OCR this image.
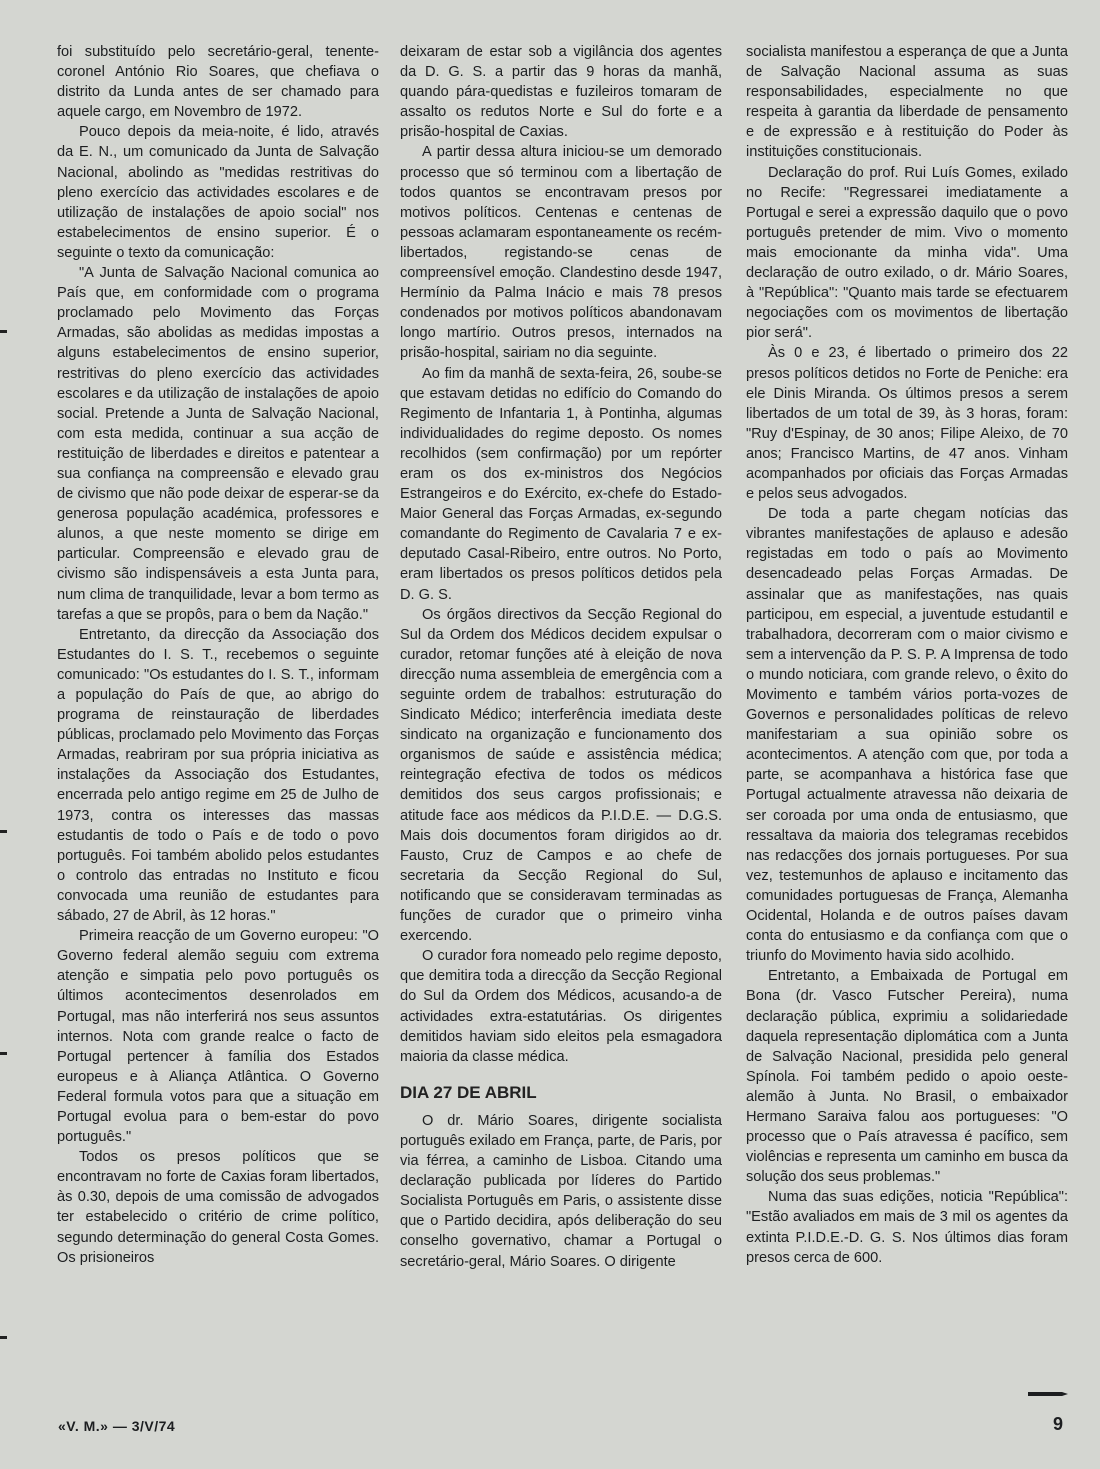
foi substituído pelo secretário-geral, tenente-coronel António Rio Soares, que chefiava o distrito da Lunda antes de ser chamado para aquele cargo, em Novembro de 1972.

Pouco depois da meia-noite, é lido, através da E. N., um comunicado da Junta de Salvação Nacional, abolindo as "medidas restritivas do pleno exercício das actividades escolares e de utilização de instalações de apoio social" nos estabelecimentos de ensino superior. É o seguinte o texto da comunicação:

"A Junta de Salvação Nacional comunica ao País que, em conformidade com o programa proclamado pelo Movimento das Forças Armadas, são abolidas as medidas impostas a alguns estabelecimentos de ensino superior, restritivas do pleno exercício das actividades escolares e da utilização de instalações de apoio social. Pretende a Junta de Salvação Nacional, com esta medida, continuar a sua acção de restituição de liberdades e direitos e patentear a sua confiança na compreensão e elevado grau de civismo que não pode deixar de esperar-se da generosa população académica, professores e alunos, a que neste momento se dirige em particular. Compreensão e elevado grau de civismo são indispensáveis a esta Junta para, num clima de tranquilidade, levar a bom termo as tarefas a que se propôs, para o bem da Nação."

Entretanto, da direcção da Associação dos Estudantes do I. S. T., recebemos o seguinte comunicado: "Os estudantes do I. S. T., informam a população do País de que, ao abrigo do programa de reinstauração de liberdades públicas, proclamado pelo Movimento das Forças Armadas, reabriram por sua própria iniciativa as instalações da Associação dos Estudantes, encerrada pelo antigo regime em 25 de Julho de 1973, contra os interesses das massas estudantis de todo o País e de todo o povo português. Foi também abolido pelos estudantes o controlo das entradas no Instituto e ficou convocada uma reunião de estudantes para sábado, 27 de Abril, às 12 horas."

Primeira reacção de um Governo europeu: "O Governo federal alemão seguiu com extrema atenção e simpatia pelo povo português os últimos acontecimentos desenrolados em Portugal, mas não interferirá nos seus assuntos internos. Nota com grande realce o facto de Portugal pertencer à família dos Estados europeus e à Aliança Atlântica. O Governo Federal formula votos para que a situação em Portugal evolua para o bem-estar do povo português."

Todos os presos políticos que se encontravam no forte de Caxias foram libertados, às 0.30, depois de uma comissão de advogados ter estabelecido o critério de crime político, segundo determinação do general Costa Gomes. Os prisioneiros

deixaram de estar sob a vigilância dos agentes da D. G. S. a partir das 9 horas da manhã, quando pára-quedistas e fuzileiros tomaram de assalto os redutos Norte e Sul do forte e a prisão-hospital de Caxias.

A partir dessa altura iniciou-se um demorado processo que só terminou com a libertação de todos quantos se encontravam presos por motivos políticos. Centenas e centenas de pessoas aclamaram espontaneamente os recém-libertados, registando-se cenas de compreensível emoção. Clandestino desde 1947, Hermínio da Palma Inácio e mais 78 presos condenados por motivos políticos abandonavam longo martírio. Outros presos, internados na prisão-hospital, sairiam no dia seguinte.

Ao fim da manhã de sexta-feira, 26, soube-se que estavam detidas no edifício do Comando do Regimento de Infantaria 1, à Pontinha, algumas individualidades do regime deposto. Os nomes recolhidos (sem confirmação) por um repórter eram os dos ex-ministros dos Negócios Estrangeiros e do Exército, ex-chefe do Estado-Maior General das Forças Armadas, ex-segundo comandante do Regimento de Cavalaria 7 e ex-deputado Casal-Ribeiro, entre outros. No Porto, eram libertados os presos políticos detidos pela D. G. S.

Os órgãos directivos da Secção Regional do Sul da Ordem dos Médicos decidem expulsar o curador, retomar funções até à eleição de nova direcção numa assembleia de emergência com a seguinte ordem de trabalhos: estruturação do Sindicato Médico; interferência imediata deste sindicato na organização e funcionamento dos organismos de saúde e assistência médica; reintegração efectiva de todos os médicos demitidos dos seus cargos profissionais; e atitude face aos médicos da P.I.D.E. — D.G.S. Mais dois documentos foram dirigidos ao dr. Fausto, Cruz de Campos e ao chefe de secretaria da Secção Regional do Sul, notificando que se consideravam terminadas as funções de curador que o primeiro vinha exercendo.

O curador fora nomeado pelo regime deposto, que demitira toda a direcção da Secção Regional do Sul da Ordem dos Médicos, acusando-a de actividades extra-estatutárias. Os dirigentes demitidos haviam sido eleitos pela esmagadora maioria da classe médica.

DIA 27 DE ABRIL

O dr. Mário Soares, dirigente socialista português exilado em França, parte, de Paris, por via férrea, a caminho de Lisboa. Citando uma declaração publicada por líderes do Partido Socialista Português em Paris, o assistente disse que o Partido decidira, após deliberação do seu conselho governativo, chamar a Portugal o secretário-geral, Mário Soares. O dirigente

socialista manifestou a esperança de que a Junta de Salvação Nacional assuma as suas responsabilidades, especialmente no que respeita à garantia da liberdade de pensamento e de expressão e à restituição do Poder às instituições constitucionais.

Declaração do prof. Rui Luís Gomes, exilado no Recife: "Regressarei imediatamente a Portugal e serei a expressão daquilo que o povo português pretender de mim. Vivo o momento mais emocionante da minha vida". Uma declaração de outro exilado, o dr. Mário Soares, à "República": "Quanto mais tarde se efectuarem negociações com os movimentos de libertação pior será".

Às 0 e 23, é libertado o primeiro dos 22 presos políticos detidos no Forte de Peniche: era ele Dinis Miranda. Os últimos presos a serem libertados de um total de 39, às 3 horas, foram: "Ruy d'Espinay, de 30 anos; Filipe Aleixo, de 70 anos; Francisco Martins, de 47 anos. Vinham acompanhados por oficiais das Forças Armadas e pelos seus advogados.

De toda a parte chegam notícias das vibrantes manifestações de aplauso e adesão registadas em todo o país ao Movimento desencadeado pelas Forças Armadas. De assinalar que as manifestações, nas quais participou, em especial, a juventude estudantil e trabalhadora, decorreram com o maior civismo e sem a intervenção da P. S. P. A Imprensa de todo o mundo noticiara, com grande relevo, o êxito do Movimento e também vários porta-vozes de Governos e personalidades políticas de relevo manifestariam a sua opinião sobre os acontecimentos. A atenção com que, por toda a parte, se acompanhava a histórica fase que Portugal actualmente atravessa não deixaria de ser coroada por uma onda de entusiasmo, que ressaltava da maioria dos telegramas recebidos nas redacções dos jornais portugueses. Por sua vez, testemunhos de aplauso e incitamento das comunidades portuguesas de França, Alemanha Ocidental, Holanda e de outros países davam conta do entusiasmo e da confiança com que o triunfo do Movimento havia sido acolhido.

Entretanto, a Embaixada de Portugal em Bona (dr. Vasco Futscher Pereira), numa declaração pública, exprimiu a solidariedade daquela representação diplomática com a Junta de Salvação Nacional, presidida pelo general Spínola. Foi também pedido o apoio oeste-alemão à Junta. No Brasil, o embaixador Hermano Saraiva falou aos portugueses: "O processo que o País atravessa é pacífico, sem violências e representa um caminho em busca da solução dos seus problemas."

Numa das suas edições, noticia "República": "Estão avaliados em mais de 3 mil os agentes da extinta P.I.D.E.-D. G. S. Nos últimos dias foram presos cerca de 600.

«V. M.» — 3/V/74	9
